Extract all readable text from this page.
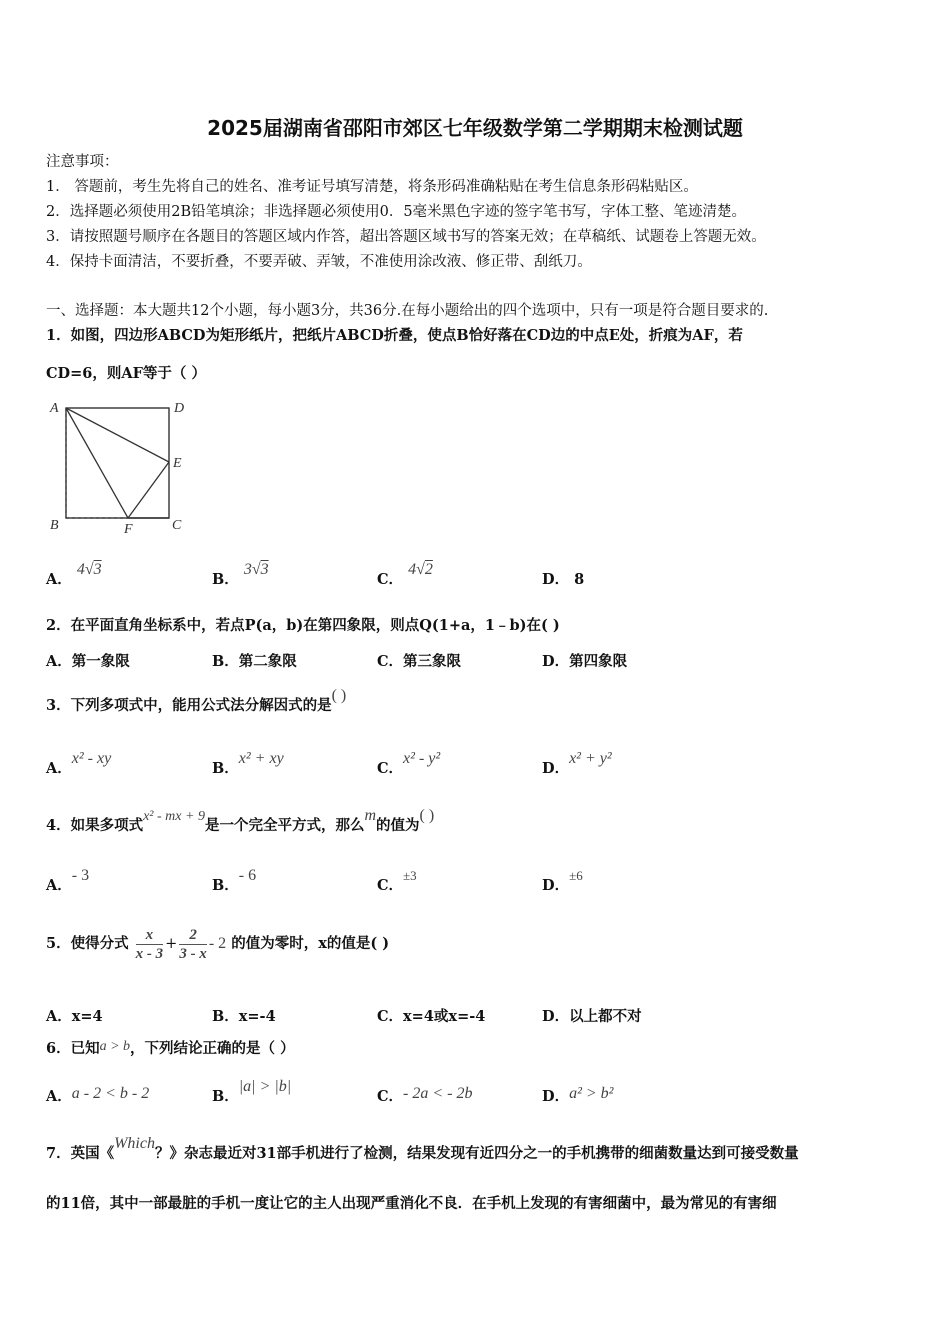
2025届湖南省邵阳市郊区七年级数学第二学期期末检测试题
注意事项：
1． 答题前，考生先将自己的姓名、准考证号填写清楚，将条形码准确粘贴在考生信息条形码粘贴区。
2．选择题必须使用2B铅笔填涂；非选择题必须使用0．5毫米黑色字迹的签字笔书写，字体工整、笔迹清楚。
3．请按照题号顺序在各题目的答题区域内作答，超出答题区域书写的答案无效；在草稿纸、试题卷上答题无效。
4．保持卡面清洁，不要折叠，不要弄破、弄皱，不准使用涂改液、修正带、刮纸刀。
一、选择题：本大题共12个小题，每小题3分，共36分.在每小题给出的四个选项中，只有一项是符合题目要求的.
1．如图，四边形ABCD为矩形纸片，把纸片ABCD折叠，使点B恰好落在CD边的中点E处，折痕为AF，若
CD=6，则AF等于（ ）
A	D
E
B	F	C
A． 4√3
B． 3√3
C． 4√2
D． 8
2．在平面直角坐标系中，若点P(a，b)在第四象限，则点Q(1+a，1﹣b)在( )
A．第一象限	B．第二象限	C．第三象限	D．第四象限
3．下列多项式中，能用公式法分解因式的是( )
A．x² - xy
B．x² + xy
C．x² - y²
D．x² + y²
4．如果多项式x² - mx + 9是一个完全平方式，那么m的值为( )
A．- 3
B．- 6
C．±3
D．±6
5．使得分式 $\frac{x}{x - 3} + \frac{2}{3 - x} - 2$ 的值为零时，x的值是( )
A．x=4	B．x=-4	C．x=4或x=-4	D．以上都不对
6．已知a > b，下列结论正确的是（ ）
A．a - 2 < b - 2	B．|a| > |b|
C．- 2a < - 2b	D．a² > b²
7．英国《Which？》杂志最近对31部手机进行了检测，结果发现有近四分之一的手机携带的细菌数量达到可接受数量
的11倍，其中一部最脏的手机一度让它的主人出现严重消化不良．在手机上发现的有害细菌中，最为常见的有害细
